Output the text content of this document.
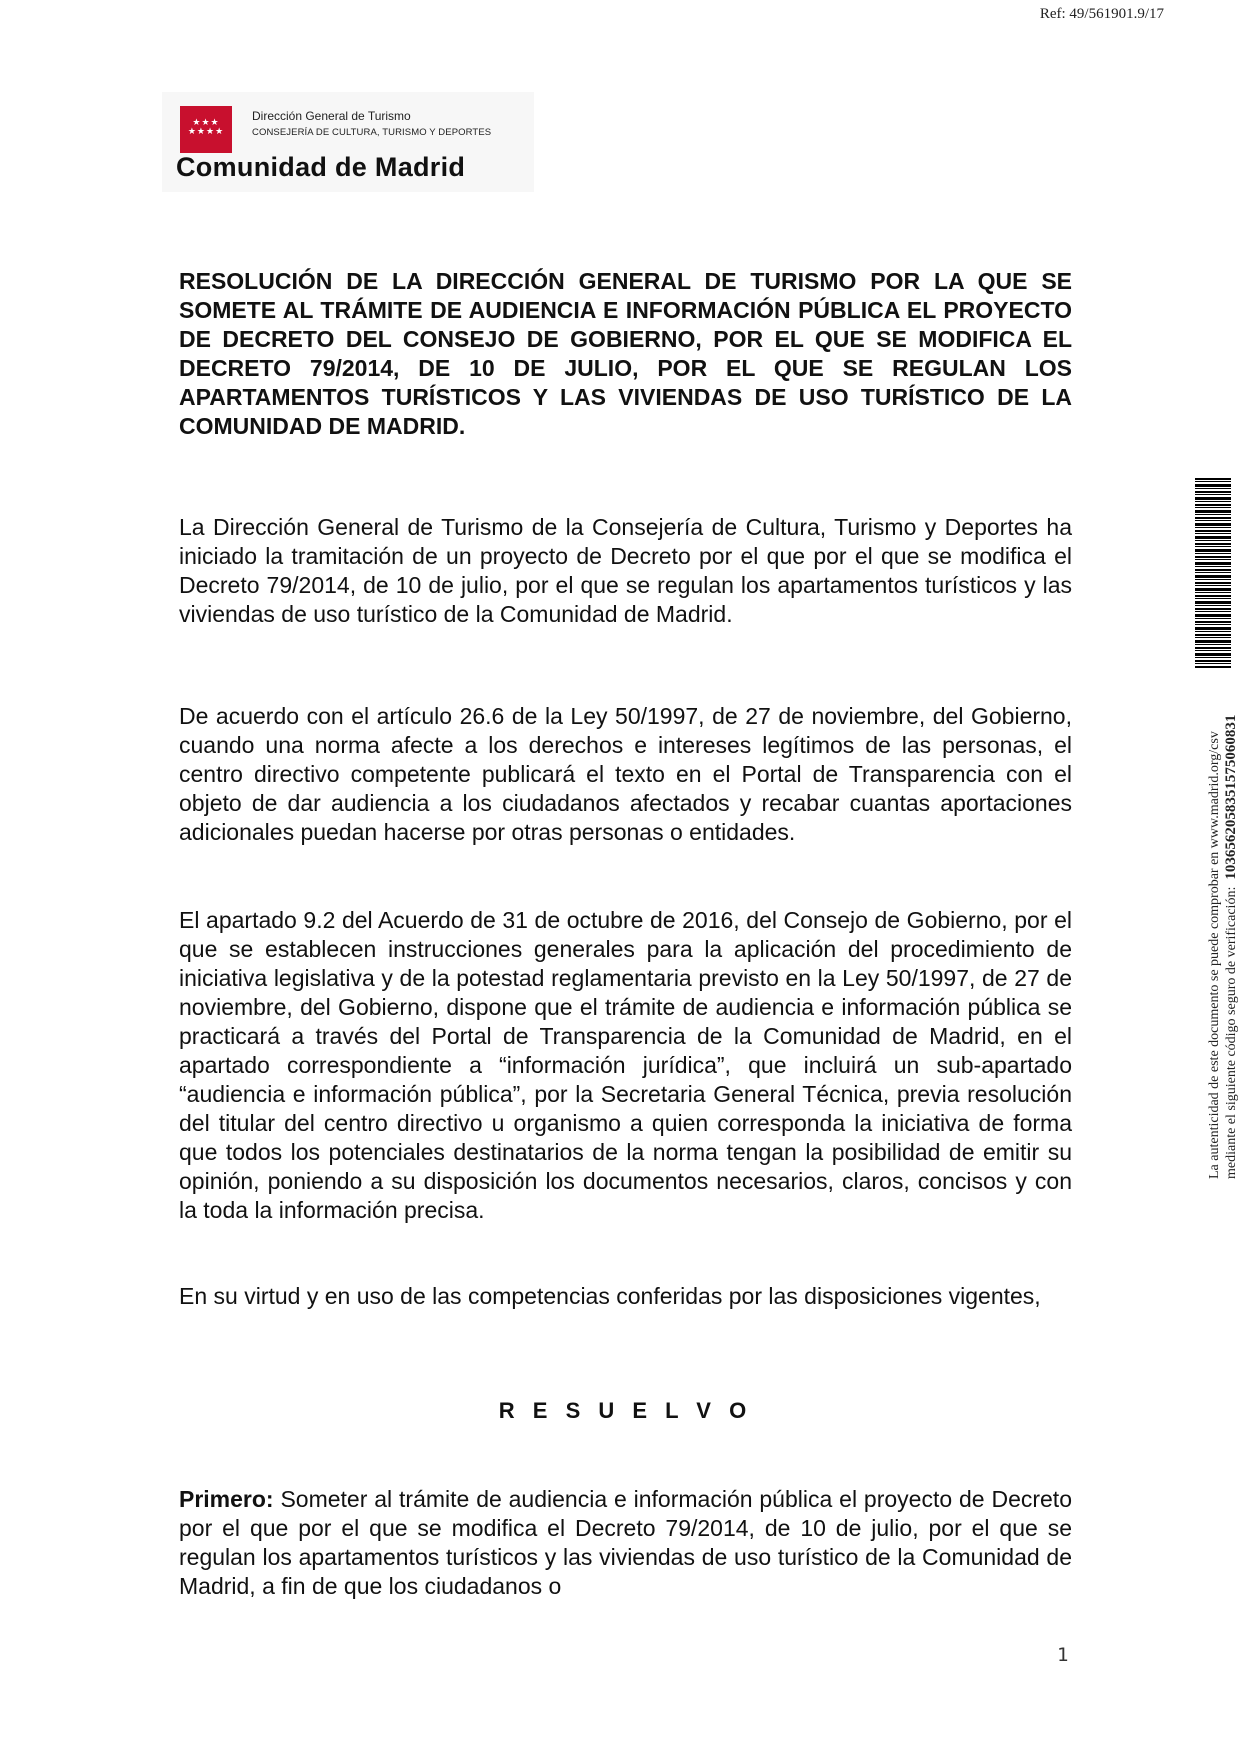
Ref: 49/561901.9/17
★★★
★★★★
Dirección General de Turismo
CONSEJERÍA DE CULTURA, TURISMO Y DEPORTES
Comunidad de Madrid

RESOLUCIÓN DE LA DIRECCIÓN GENERAL DE TURISMO POR LA QUE SE SOMETE AL TRÁMITE DE AUDIENCIA E INFORMACIÓN PÚBLICA EL PROYECTO DE DECRETO DEL CONSEJO DE GOBIERNO, POR EL QUE SE MODIFICA EL DECRETO 79/2014, DE 10 DE JULIO, POR EL QUE SE REGULAN LOS APARTAMENTOS TURÍSTICOS Y LAS VIVIENDAS DE USO TURÍSTICO DE LA COMUNIDAD DE MADRID.

La Dirección General de Turismo de la Consejería de Cultura, Turismo y Deportes ha iniciado la tramitación de un proyecto de Decreto por el que por el que se modifica el Decreto 79/2014, de 10 de julio, por el que se regulan los apartamentos turísticos y las viviendas de uso turístico de la Comunidad de Madrid.

De acuerdo con el artículo 26.6 de la Ley 50/1997, de 27 de noviembre, del Gobierno, cuando una norma afecte a los derechos e intereses legítimos de las personas, el centro directivo competente publicará el texto en el Portal de Transparencia con el objeto de dar audiencia a los ciudadanos afectados y recabar cuantas aportaciones adicionales puedan hacerse por otras personas o entidades.

El apartado 9.2 del Acuerdo de 31 de octubre de 2016, del Consejo de Gobierno, por el que se establecen instrucciones generales para la aplicación del procedimiento de iniciativa legislativa y de la potestad reglamentaria previsto en la Ley 50/1997, de 27 de noviembre, del Gobierno, dispone que el trámite de audiencia e información pública se practicará a través del Portal de Transparencia de la Comunidad de Madrid, en el apartado correspondiente a “información jurídica”, que incluirá un sub-apartado “audiencia e información pública”, por la Secretaria General Técnica, previa resolución del titular del centro directivo u organismo a quien corresponda la iniciativa de forma que todos los potenciales destinatarios de la norma tengan la posibilidad de emitir su opinión, poniendo a su disposición los documentos necesarios, claros, concisos y con la toda la información precisa.

En su virtud y en uso de las competencias conferidas por las disposiciones vigentes,

R E S U E L V O

Primero: Someter al trámite de audiencia e información pública el proyecto de Decreto por el que por el que se modifica el Decreto 79/2014, de 10 de julio, por el que se regulan los apartamentos turísticos y las viviendas de uso turístico de la Comunidad de Madrid, a fin de que los ciudadanos o

1
La autenticidad de este documento se puede comprobar en www.madrid.org/csv mediante el siguiente código seguro de verificación:  1036562058351575060831
